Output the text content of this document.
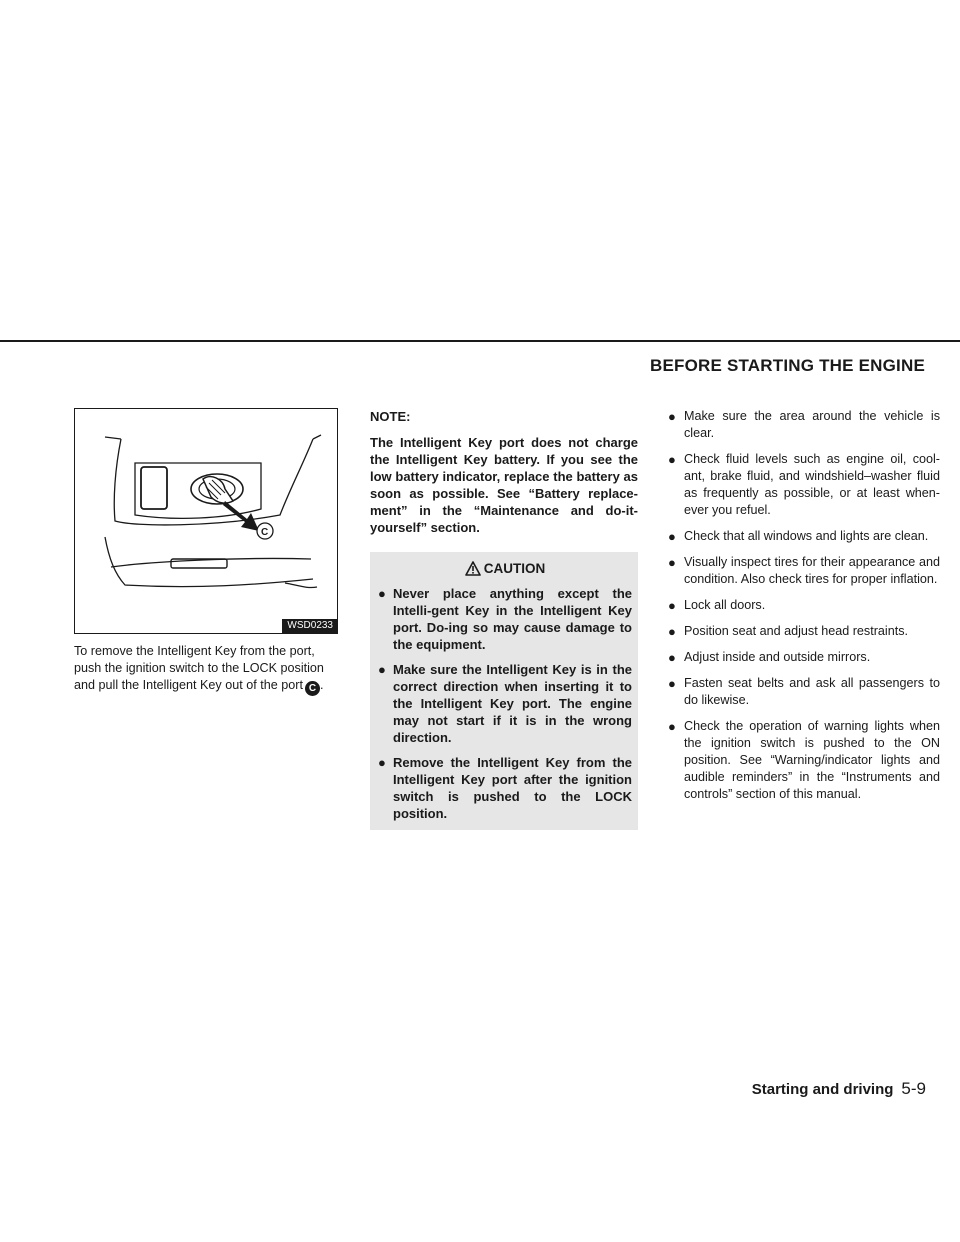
BEFORE STARTING THE ENGINE
C
WSD0233
To remove the Intelligent Key from the port, push the ignition switch to the LOCK position and pull the Intelligent Key out of the port C .
NOTE:
The Intelligent Key port does not charge the Intelligent Key battery. If you see the low battery indicator, replace the battery as soon as possible. See “Battery replace-ment” in the “Maintenance and do-it-yourself” section.
CAUTION
● Never place anything except the Intelli-gent Key in the Intelligent Key port. Do-ing so may cause damage to the equipment.
● Make sure the Intelligent Key is in the correct direction when inserting it to the Intelligent Key port. The engine may not start if it is in the wrong direction.
● Remove the Intelligent Key from the Intelligent Key port after the ignition switch is pushed to the LOCK position.
● Make sure the area around the vehicle is clear.
● Check fluid levels such as engine oil, cool-ant, brake fluid, and windshield–washer fluid as frequently as possible, or at least when-ever you refuel.
● Check that all windows and lights are clean.
● Visually inspect tires for their appearance and condition. Also check tires for proper inflation.
● Lock all doors.
● Position seat and adjust head restraints.
● Adjust inside and outside mirrors.
● Fasten seat belts and ask all passengers to do likewise.
● Check the operation of warning lights when the ignition switch is pushed to the ON position. See “Warning/indicator lights and audible reminders” in the “Instruments and controls” section of this manual.
Starting and driving 5-9
